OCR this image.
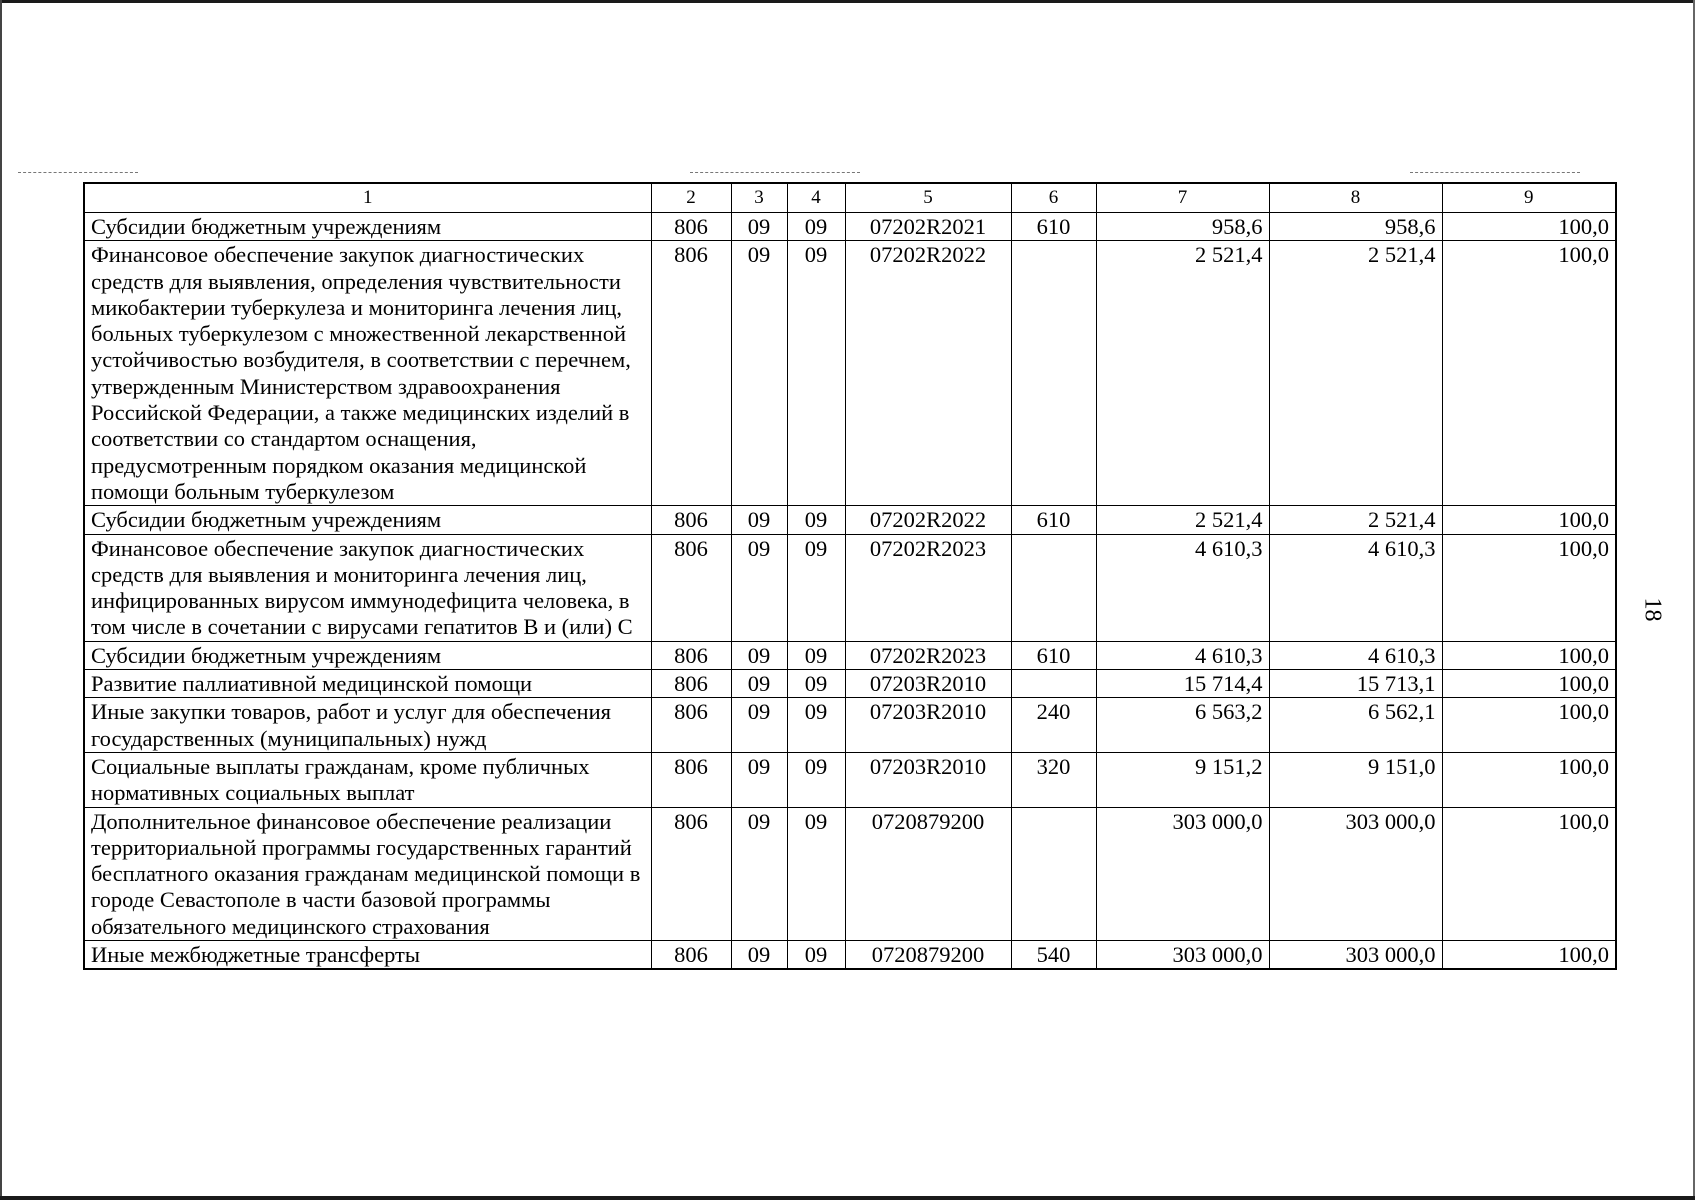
18
1	2	3	4	5	6	7	8	9
Субсидии бюджетным учреждениям	806	09	09	07202R2021	610	958,6	958,6	100,0
Финансовое обеспечение закупок диагностических средств для выявления, определения чувствительности микобактерии туберкулеза и мониторинга лечения лиц, больных туберкулезом с множественной лекарственной устойчивостью возбудителя, в соответствии с перечнем, утвержденным Министерством здравоохранения Российской Федерации, а также медицинских изделий в соответствии со стандартом оснащения, предусмотренным порядком оказания медицинской помощи больным туберкулезом	806	09	09	07202R2022		2 521,4	2 521,4	100,0
Субсидии бюджетным учреждениям	806	09	09	07202R2022	610	2 521,4	2 521,4	100,0
Финансовое обеспечение закупок диагностических средств для выявления и мониторинга лечения лиц, инфицированных вирусом иммунодефицита человека, в том числе в сочетании с вирусами гепатитов В и (или) С	806	09	09	07202R2023		4 610,3	4 610,3	100,0
Субсидии бюджетным учреждениям	806	09	09	07202R2023	610	4 610,3	4 610,3	100,0
Развитие паллиативной медицинской помощи	806	09	09	07203R2010		15 714,4	15 713,1	100,0
Иные закупки товаров, работ и услуг для обеспечения государственных (муниципальных) нужд	806	09	09	07203R2010	240	6 563,2	6 562,1	100,0
Социальные выплаты гражданам, кроме публичных нормативных социальных выплат	806	09	09	07203R2010	320	9 151,2	9 151,0	100,0
Дополнительное финансовое обеспечение реализации территориальной программы государственных гарантий бесплатного оказания гражданам медицинской помощи в городе Севастополе в части базовой программы обязательного медицинского страхования	806	09	09	0720879200		303 000,0	303 000,0	100,0
Иные межбюджетные трансферты	806	09	09	0720879200	540	303 000,0	303 000,0	100,0
